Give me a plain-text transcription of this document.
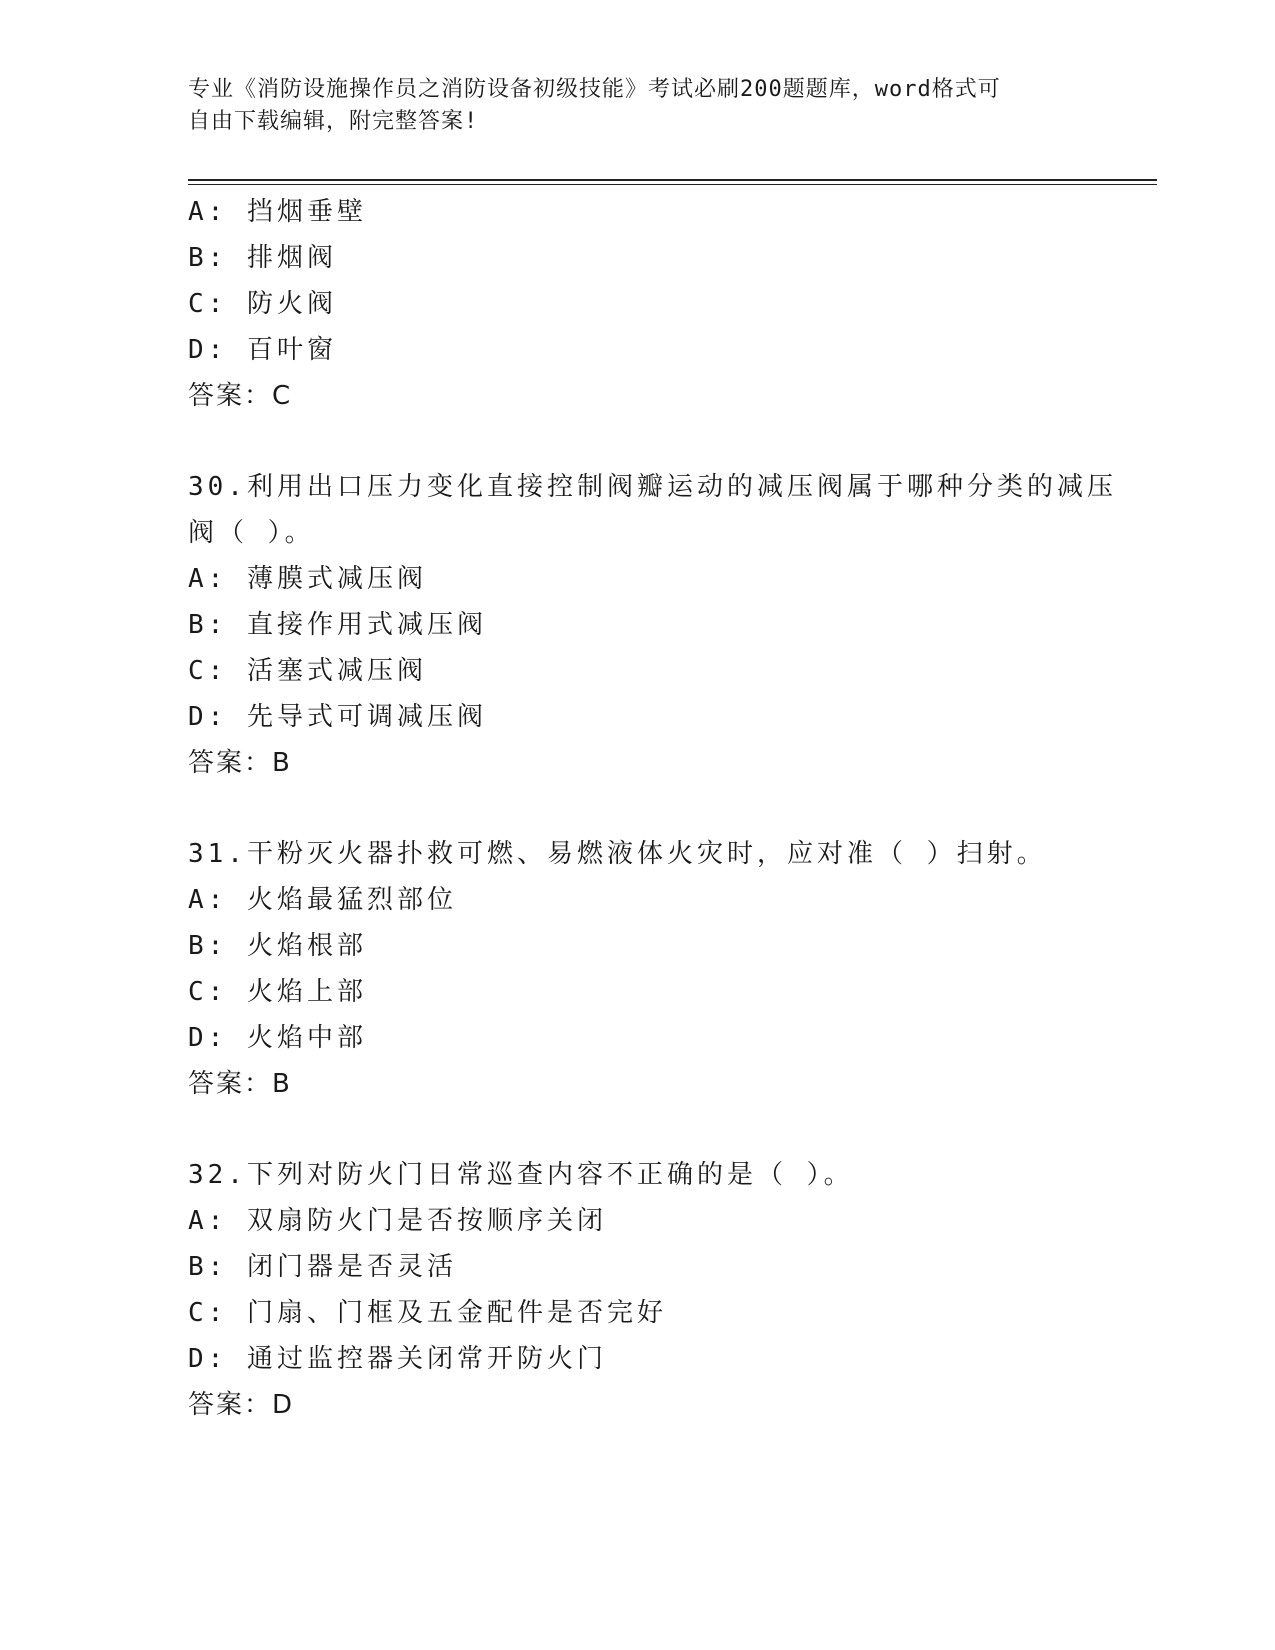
专业《消防设施操作员之消防设备初级技能》考试必刷200题题库，word格式可
自由下载编辑，附完整答案!
A: 挡烟垂壁
B: 排烟阀
C: 防火阀
D: 百叶窗
答案：C
30.利用出口压力变化直接控制阀瓣运动的减压阀属于哪种分类的减压
阀（ ）。
A: 薄膜式减压阀
B: 直接作用式减压阀
C: 活塞式减压阀
D: 先导式可调减压阀
答案：B
31.干粉灭火器扑救可燃、易燃液体火灾时，应对准（ ）扫射。
A: 火焰最猛烈部位
B: 火焰根部
C: 火焰上部
D: 火焰中部
答案：B
32.下列对防火门日常巡查内容不正确的是（ ）。
A: 双扇防火门是否按顺序关闭
B: 闭门器是否灵活
C: 门扇、门框及五金配件是否完好
D: 通过监控器关闭常开防火门
答案：D
